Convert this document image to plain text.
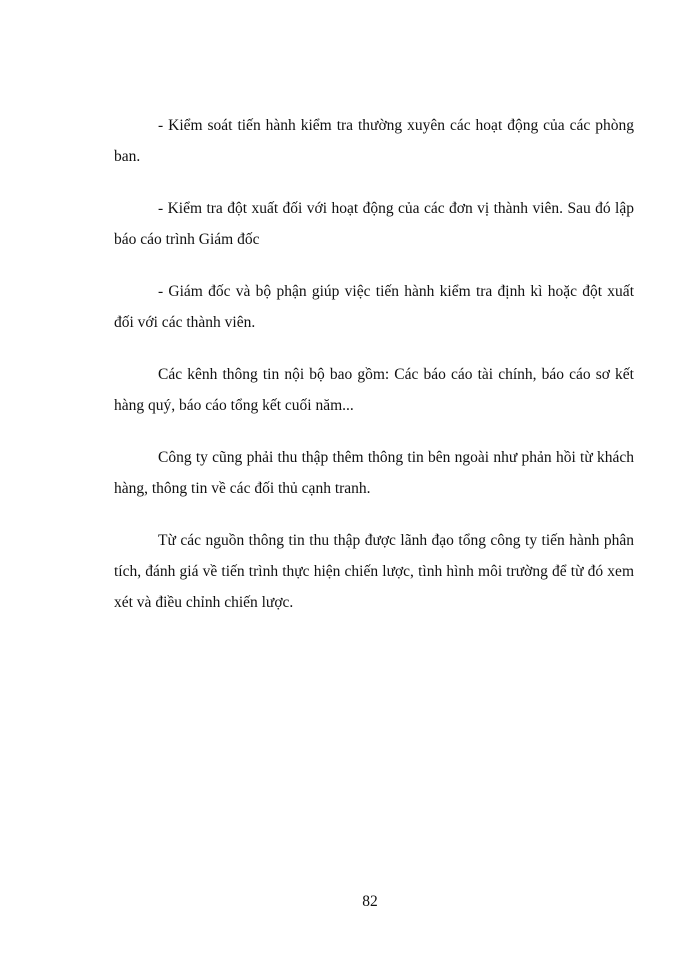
- Kiểm soát tiến hành kiểm tra thường xuyên các hoạt động của các phòng ban.

- Kiểm tra đột xuất đối với hoạt động của các đơn vị thành viên. Sau đó lập báo cáo trình Giám đốc

- Giám đốc và bộ phận giúp việc tiến hành kiểm tra định kì hoặc đột xuất đối với các thành viên.

Các kênh thông tin nội bộ bao gồm: Các báo cáo tài chính, báo cáo sơ kết hàng quý, báo cáo tổng kết cuối năm...

Công ty cũng phải thu thập thêm thông tin bên ngoài như phản hồi từ khách hàng, thông tin về các đối thủ cạnh tranh.

Từ các nguồn thông tin thu thập được lãnh đạo tổng công ty tiến hành phân tích, đánh giá về tiến trình thực hiện chiến lược, tình hình môi trường để từ đó xem xét và điều chỉnh chiến lược.

82
